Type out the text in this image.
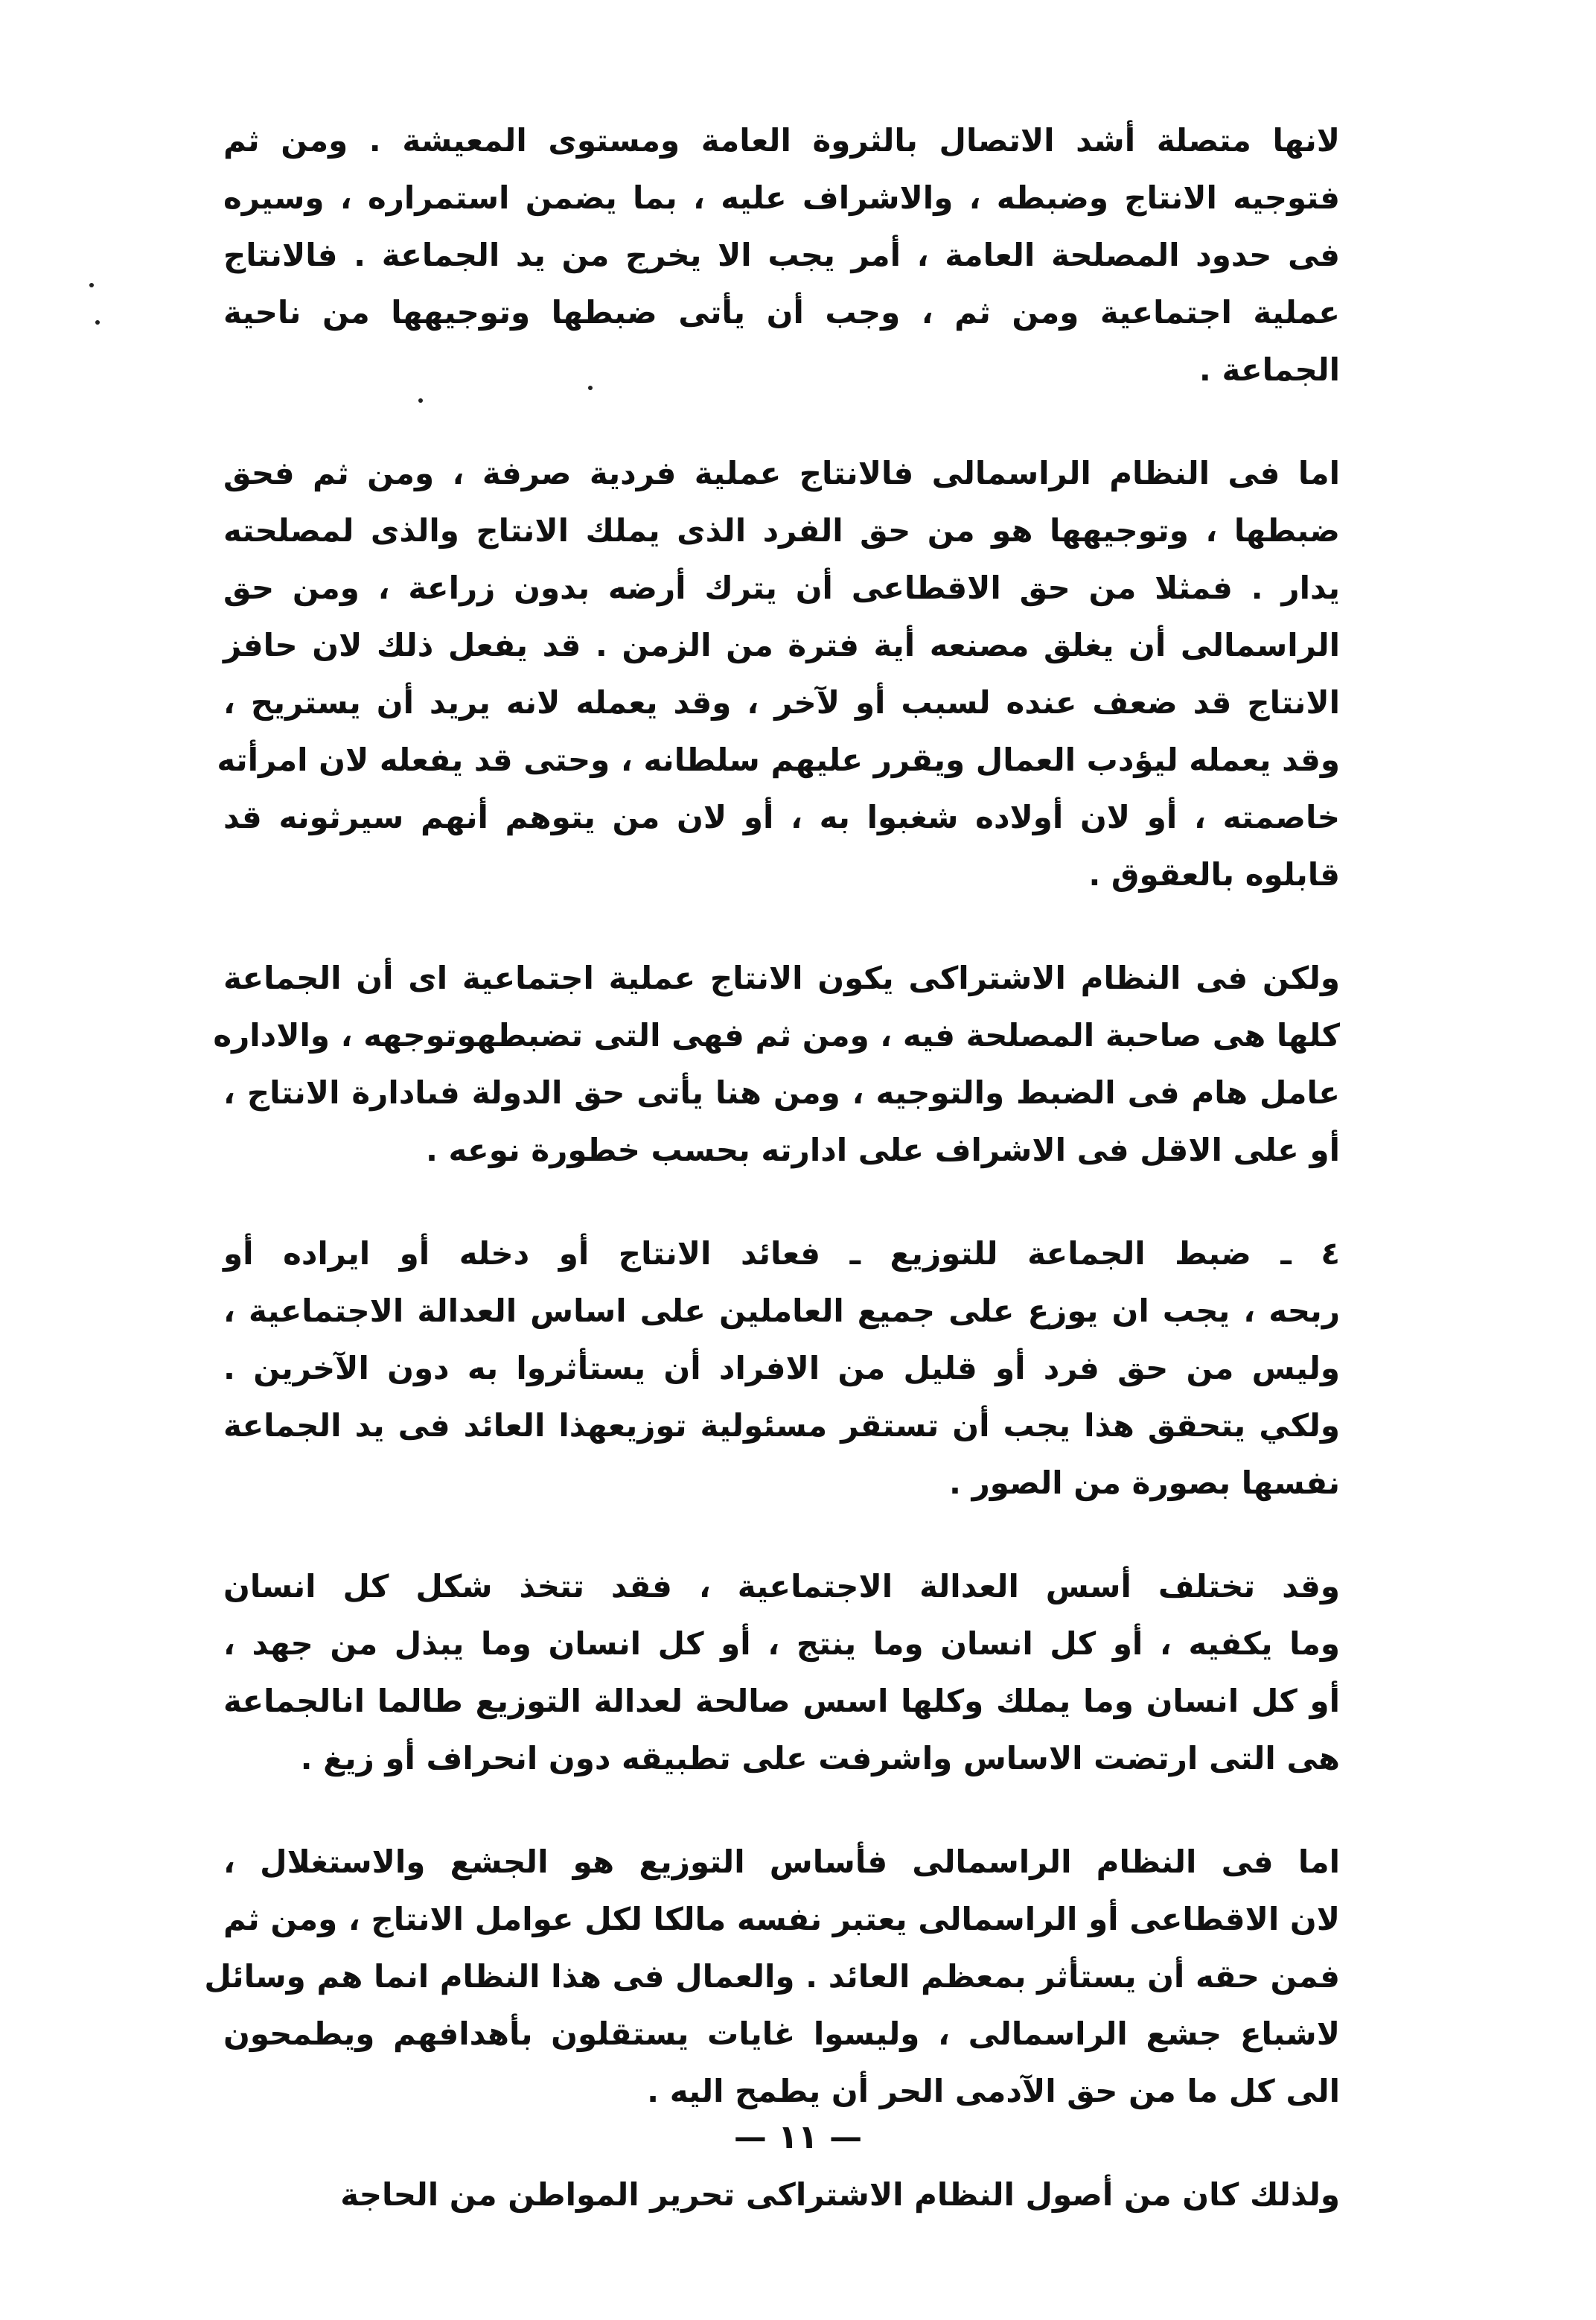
لانها متصلة أشد الاتصال بالثروة العامة ومستوى المعيشة . ومن ثم
فتوجيه الانتاج وضبطه ، والاشراف عليه ، بما يضمن استمراره ، وسيره
فى حدود المصلحة العامة ، أمر يجب الا يخرج من يد الجماعة . فالانتاج
عملية اجتماعية ومن ثم ، وجب أن يأتى ضبطها وتوجيهها من ناحية
الجماعة .
اما فى النظام الراسمالى فالانتاج عملية فردية صرفة ، ومن ثم فحق
ضبطها ، وتوجيهها هو من حق الفرد الذى يملك الانتاج والذى لمصلحته
يدار . فمثلا من حق الاقطاعى أن يترك أرضه بدون زراعة ، ومن حق
الراسمالى أن يغلق مصنعه أية فترة من الزمن . قد يفعل ذلك لان حافز
الانتاج قد ضعف عنده لسبب أو لآخر ، وقد يعمله لانه يريد أن يستريح ،
وقد يعمله ليؤدب العمال ويقرر عليهم سلطانه ، وحتى قد يفعله لان امرأته
خاصمته ، أو لان أولاده شغبوا به ، أو لان من يتوهم أنهم سيرثونه قد
قابلوه بالعقوق .
ولكن فى النظام الاشتراكى يكون الانتاج عملية اجتماعية اى أن الجماعة
كلها هى صاحبة المصلحة فيه ، ومن ثم فهى التى تضبطهوتوجهه ، والاداره
عامل هام فى الضبط والتوجيه ، ومن هنا يأتى حق الدولة فىادارة الانتاج ،
أو على الاقل فى الاشراف على ادارته بحسب خطورة نوعه .
٤ ـ ضبط الجماعة للتوزيع ـ فعائد الانتاج أو دخله أو ايراده أو
ربحه ، يجب ان يوزع على جميع العاملين على اساس العدالة الاجتماعية ،
وليس من حق فرد أو قليل من الافراد أن يستأثروا به دون الآخرين .
ولكي يتحقق هذا يجب أن تستقر مسئولية توزيعهذا العائد فى يد الجماعة
نفسها بصورة من الصور .
وقد تختلف أسس العدالة الاجتماعية ، فقد تتخذ شكل كل انسان
وما يكفيه ، أو كل انسان وما ينتج ، أو كل انسان وما يبذل من جهد ،
أو كل انسان وما يملك وكلها اسس صالحة لعدالة التوزيع طالما انالجماعة
هى التى ارتضت الاساس واشرفت على تطبيقه دون انحراف أو زيغ .
اما فى النظام الراسمالى فأساس التوزيع هو الجشع والاستغلال ،
لان الاقطاعى أو الراسمالى يعتبر نفسه مالكا لكل عوامل الانتاج ، ومن ثم
فمن حقه أن يستأثر بمعظم العائد . والعمال فى هذا النظام انما هم وسائل
لاشباع جشع الراسمالى ، وليسوا غايات يستقلون بأهدافهم ويطمحون
الى كل ما من حق الآدمى الحر أن يطمح اليه .
ولذلك كان من أصول النظام الاشتراكى تحرير المواطن من الحاجة
— ١١ —
